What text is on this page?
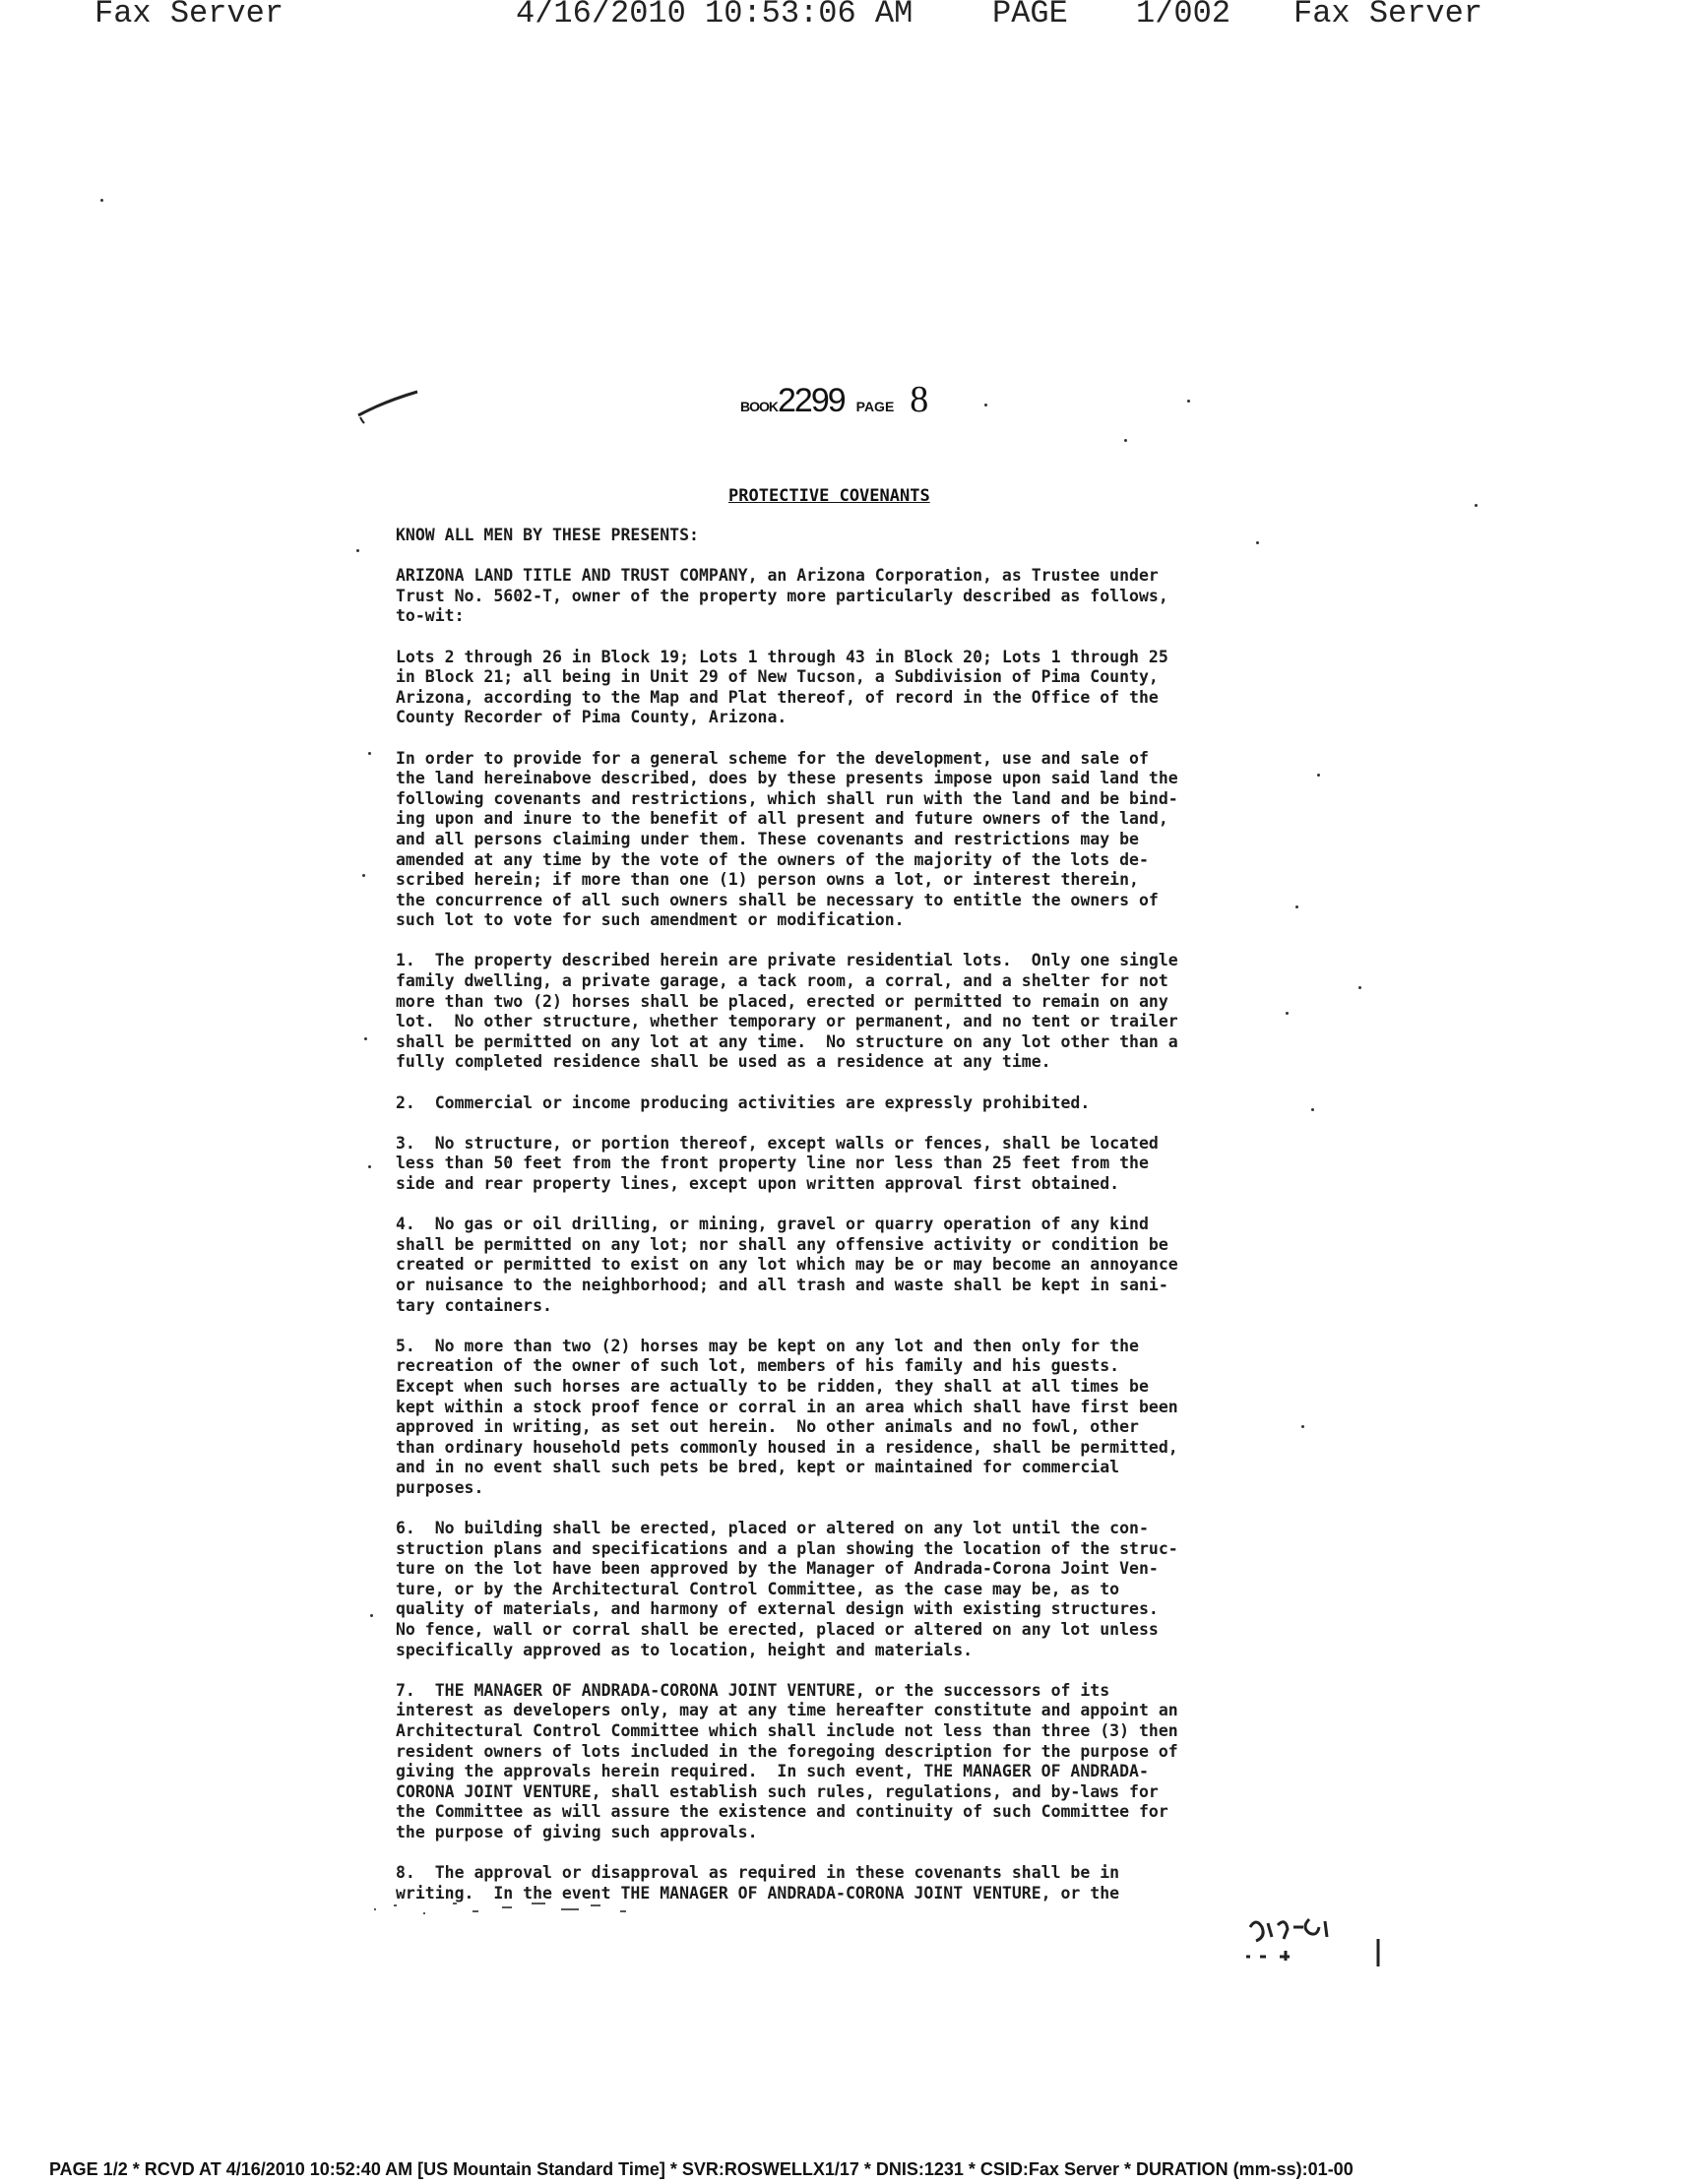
Fax Server	4/16/2010 10:53:06 AM	PAGE 1/002 Fax Server
BOOK2299 PAGE 8
PROTECTIVE COVENANTS

KNOW ALL MEN BY THESE PRESENTS:

ARIZONA LAND TITLE AND TRUST COMPANY, an Arizona Corporation, as Trustee under

Trust No. 5602-T, owner of the property more particularly described as follows,

to-wit:

Lots 2 through 26 in Block 19; Lots 1 through 43 in Block 20; Lots 1 through 25

in Block 21; all being in Unit 29 of New Tucson, a Subdivision of Pima County,

Arizona, according to the Map and Plat thereof, of record in the Office of the

County Recorder of Pima County, Arizona.

In order to provide for a general scheme for the development, use and sale of

the land hereinabove described, does by these presents impose upon said land the

following covenants and restrictions, which shall run with the land and be bind-

ing upon and inure to the benefit of all present and future owners of the land,

and all persons claiming under them. These covenants and restrictions may be

amended at any time by the vote of the owners of the majority of the lots de-

scribed herein; if more than one (1) person owns a lot, or interest therein,

the concurrence of all such owners shall be necessary to entitle the owners of

such lot to vote for such amendment or modification.

1.  The property described herein are private residential lots.  Only one single

family dwelling, a private garage, a tack room, a corral, and a shelter for not

more than two (2) horses shall be placed, erected or permitted to remain on any

lot.  No other structure, whether temporary or permanent, and no tent or trailer

shall be permitted on any lot at any time.  No structure on any lot other than a

fully completed residence shall be used as a residence at any time.

2.  Commercial or income producing activities are expressly prohibited.

3.  No structure, or portion thereof, except walls or fences, shall be located

less than 50 feet from the front property line nor less than 25 feet from the

side and rear property lines, except upon written approval first obtained.

4.  No gas or oil drilling, or mining, gravel or quarry operation of any kind

shall be permitted on any lot; nor shall any offensive activity or condition be

created or permitted to exist on any lot which may be or may become an annoyance

or nuisance to the neighborhood; and all trash and waste shall be kept in sani-

tary containers.

5.  No more than two (2) horses may be kept on any lot and then only for the

recreation of the owner of such lot, members of his family and his guests.

Except when such horses are actually to be ridden, they shall at all times be

kept within a stock proof fence or corral in an area which shall have first been

approved in writing, as set out herein.  No other animals and no fowl, other

than ordinary household pets commonly housed in a residence, shall be permitted,

and in no event shall such pets be bred, kept or maintained for commercial

purposes.

6.  No building shall be erected, placed or altered on any lot until the con-

struction plans and specifications and a plan showing the location of the struc-

ture on the lot have been approved by the Manager of Andrada-Corona Joint Ven-

ture, or by the Architectural Control Committee, as the case may be, as to

quality of materials, and harmony of external design with existing structures.

No fence, wall or corral shall be erected, placed or altered on any lot unless

specifically approved as to location, height and materials.

7.  THE MANAGER OF ANDRADA-CORONA JOINT VENTURE, or the successors of its

interest as developers only, may at any time hereafter constitute and appoint an

Architectural Control Committee which shall include not less than three (3) then

resident owners of lots included in the foregoing description for the purpose of

giving the approvals herein required.  In such event, THE MANAGER OF ANDRADA-

CORONA JOINT VENTURE, shall establish such rules, regulations, and by-laws for

the Committee as will assure the existence and continuity of such Committee for

the purpose of giving such approvals.

8.  The approval or disapproval as required in these covenants shall be in

writing.  In the event THE MANAGER OF ANDRADA-CORONA JOINT VENTURE, or the

PAGE 1/2 * RCVD AT 4/16/2010 10:52:40 AM [US Mountain Standard Time] * SVR:ROSWELLX1/17 * DNIS:1231 * CSID:Fax Server * DURATION (mm-ss):01-00
